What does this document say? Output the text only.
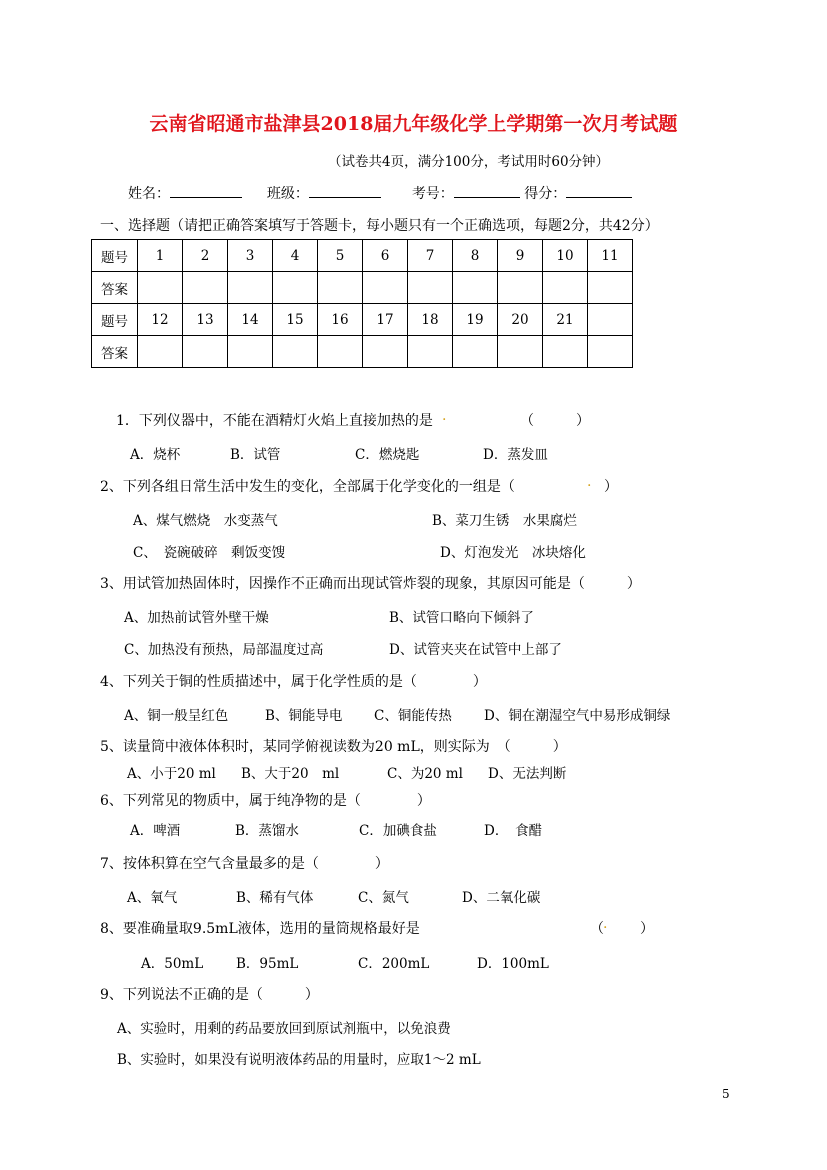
云南省昭通市盐津县2018届九年级化学上学期第一次月考试题
（试卷共4页，满分100分，考试用时60分钟）
姓名：	班级：	考号：	得分：
一、选择题（请把正确答案填写于答题卡，每小题只有一个正确选项，每题2分，共42分）
题号	1	2	3	4	5	6	7	8	9	10	11
答案											
题号	12	13	14	15	16	17	18	19	20	21	
答案											
1．下列仪器中，不能在酒精灯火焰上直接加热的是 .	（　　　）
A．烧杯	B．试管	C．燃烧匙	D．蒸发皿
2、下列各组日常生活中发生的变化，全部属于化学变化的一组是（	. ）
A、煤气燃烧　水变蒸气	B、菜刀生锈　水果腐烂
C、　瓷碗破碎　剩饭变馊	D、灯泡发光　冰块熔化
3、用试管加热固体时，因操作不正确而出现试管炸裂的现象，其原因可能是（　　　）
A、加热前试管外壁干燥	B、试管口略向下倾斜了
C、加热没有预热，局部温度过高	D、试管夹夹在试管中上部了
4、下列关于铜的性质描述中，属于化学性质的是（　　　　）
A、铜一般呈红色	B、铜能导电 C、铜能传热 D、铜在潮湿空气中易形成铜绿
5、读量筒中液体体积时，某同学俯视读数为20 mL，则实际为　（　　　）
A、小于20 ml B、大于20　ml	C、为20 ml D、无法判断
6、下列常见的物质中，属于纯净物的是（　　　　）
A．啤酒	B．蒸馏水	C．加碘食盐	D．　食醋
7、按体积算在空气含量最多的是（　　　　）
A、氧气	B、稀有气体	C、氮气	D、二氧化碳
8、要准确量取9.5mL液体，选用的量筒规格最好是	（ . 　　）
A．50mL B．95mL	C．200mL	D．100mL
9、下列说法不正确的是（　　　）
A、实验时，用剩的药品要放回到原试剂瓶中，以免浪费
B、实验时，如果没有说明液体药品的用量时，应取1～2 mL
5
